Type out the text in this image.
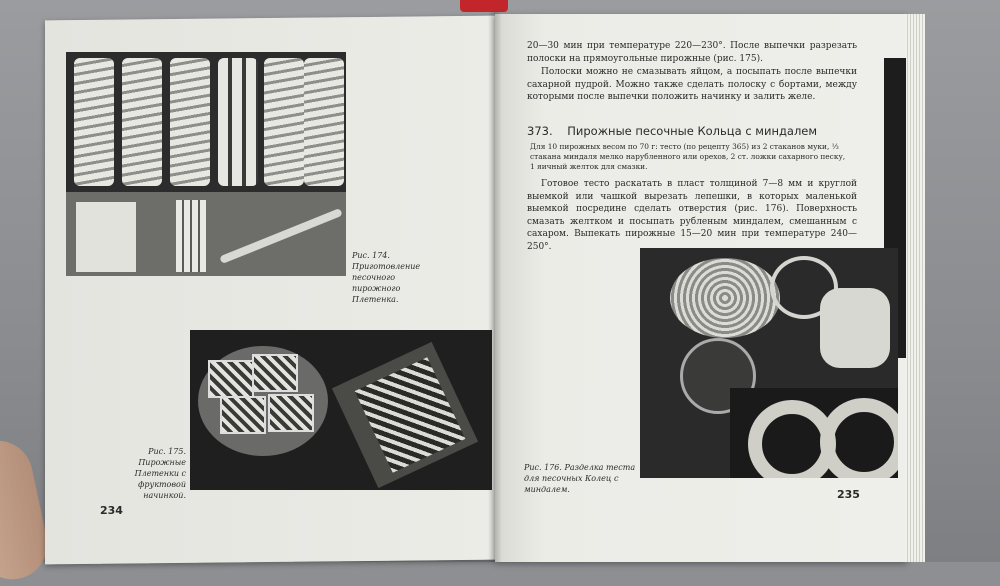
Рис. 174. Приготовление песочного пирожного Плетенка.

Рис. 175. Пирожные Плетенки с фруктовой начинкой.

234

20—30 мин при температуре 220—230°. После выпечки разрезать полоски на прямоугольные пирожные (рис. 175).

Полоски можно не смазывать яйцом, а посыпать после выпечки сахарной пудрой. Можно также сделать полоску с бортами, между которыми после выпечки положить начинку и залить желе.

373. Пирожные песочные Кольца с миндалем

Для 10 пирожных весом по 70 г: тесто (по рецепту 365) из 2 стаканов муки, ⅓ стакана миндаля мелко нарубленного или орехов, 2 ст. ложки сахарного песку, 1 яичный желток для смазки.

Готовое тесто раскатать в пласт толщиной 7—8 мм и круглой выемкой или чашкой вырезать лепешки, в которых маленькой выемкой посредине сделать отверстия (рис. 176). Поверхность смазать желтком и посыпать рубленым миндалем, смешанным с сахаром. Выпекать пирожные 15—20 мин при температуре 240—250°.

Рис. 176. Разделка теста для песочных Колец с миндалем.	235
